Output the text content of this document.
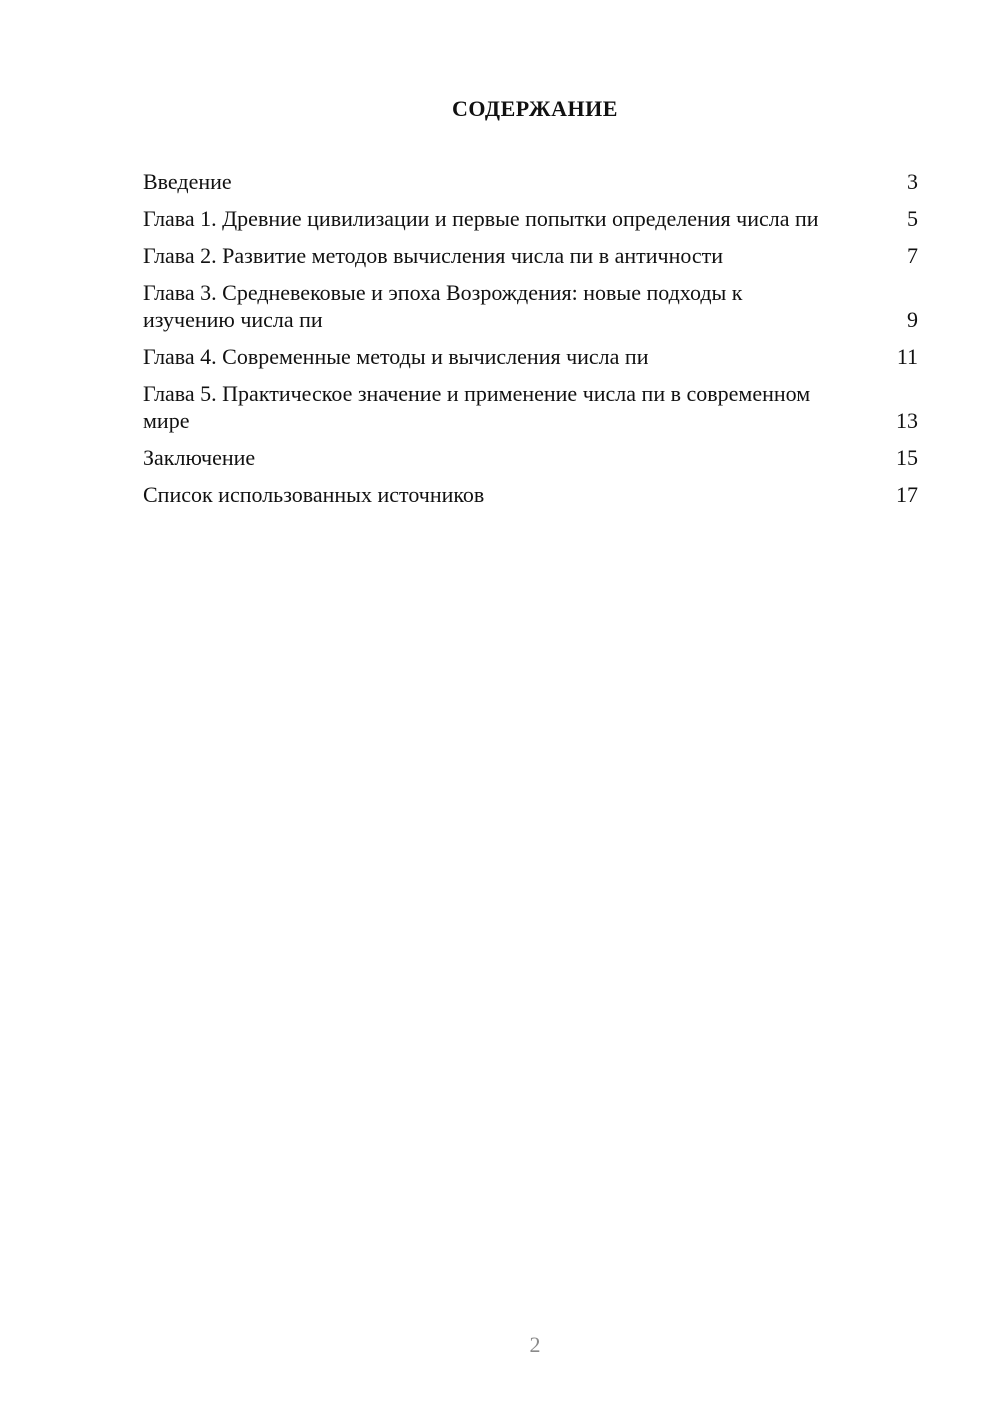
СОДЕРЖАНИЕ
Введение	3
Глава 1. Древние цивилизации и первые попытки определения числа пи	5
Глава 2. Развитие методов вычисления числа пи в античности	7
Глава 3. Средневековые и эпоха Возрождения: новые подходы к изучению числа пи	9
Глава 4. Современные методы и вычисления числа пи	11
Глава 5. Практическое значение и применение числа пи в современном мире	13
Заключение	15
Список использованных источников	17

2
